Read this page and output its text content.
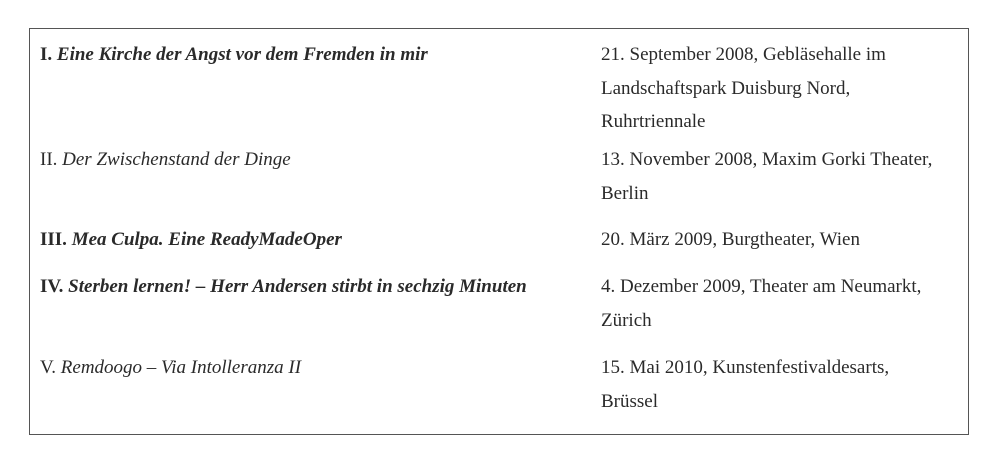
I. Eine Kirche der Angst vor dem Fremden in mir	21. September 2008, Gebläsehalle im
Landschaftspark Duisburg Nord,
Ruhrtriennale
II. Der Zwischenstand der Dinge	13. November 2008, Maxim Gorki Theater,
Berlin
III. Mea Culpa. Eine ReadyMadeOper	20. März 2009, Burgtheater, Wien
IV. Sterben lernen! – Herr Andersen stirbt in sechzig Minuten	4. Dezember 2009, Theater am Neumarkt,
Zürich
V. Remdoogo – Via Intolleranza II	15. Mai 2010, Kunstenfestivaldesarts,
Brüssel
